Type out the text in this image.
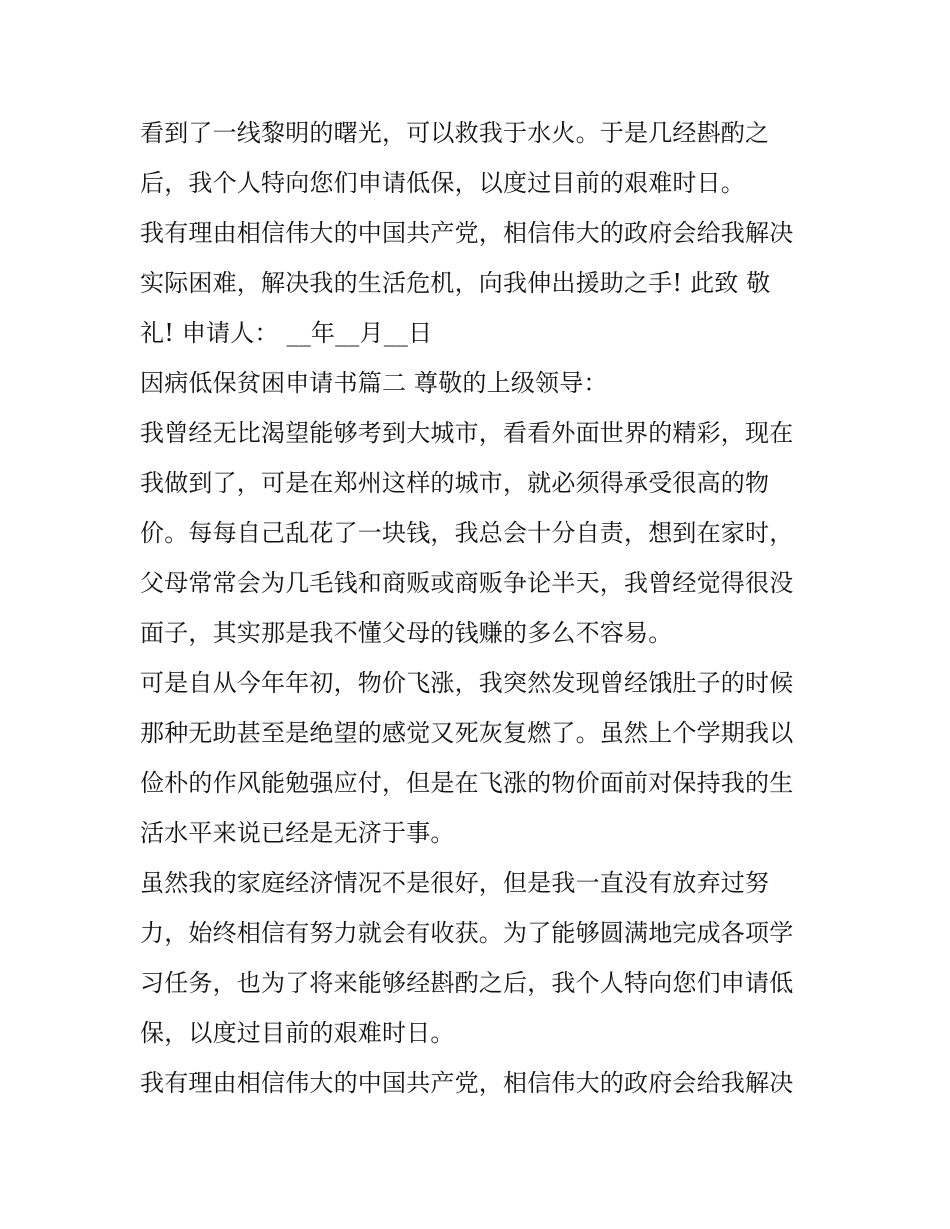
看到了一线黎明的曙光，可以救我于水火。于是几经斟酌之
后，我个人特向您们申请低保，以度过目前的艰难时日。
我有理由相信伟大的中国共产党，相信伟大的政府会给我解决
实际困难，解决我的生活危机，向我伸出援助之手! 此致 敬
礼! 申请人： __年__月__日
因病低保贫困申请书篇二 尊敬的上级领导：
我曾经无比渴望能够考到大城市，看看外面世界的精彩，现在
我做到了，可是在郑州这样的城市，就必须得承受很高的物
价。每每自己乱花了一块钱，我总会十分自责，想到在家时，
父母常常会为几毛钱和商贩或商贩争论半天，我曾经觉得很没
面子，其实那是我不懂父母的钱赚的多么不容易。
可是自从今年年初，物价飞涨，我突然发现曾经饿肚子的时候
那种无助甚至是绝望的感觉又死灰复燃了。虽然上个学期我以
俭朴的作风能勉强应付，但是在飞涨的物价面前对保持我的生
活水平来说已经是无济于事。
虽然我的家庭经济情况不是很好，但是我一直没有放弃过努
力，始终相信有努力就会有收获。为了能够圆满地完成各项学
习任务，也为了将来能够经斟酌之后，我个人特向您们申请低
保，以度过目前的艰难时日。
我有理由相信伟大的中国共产党，相信伟大的政府会给我解决
